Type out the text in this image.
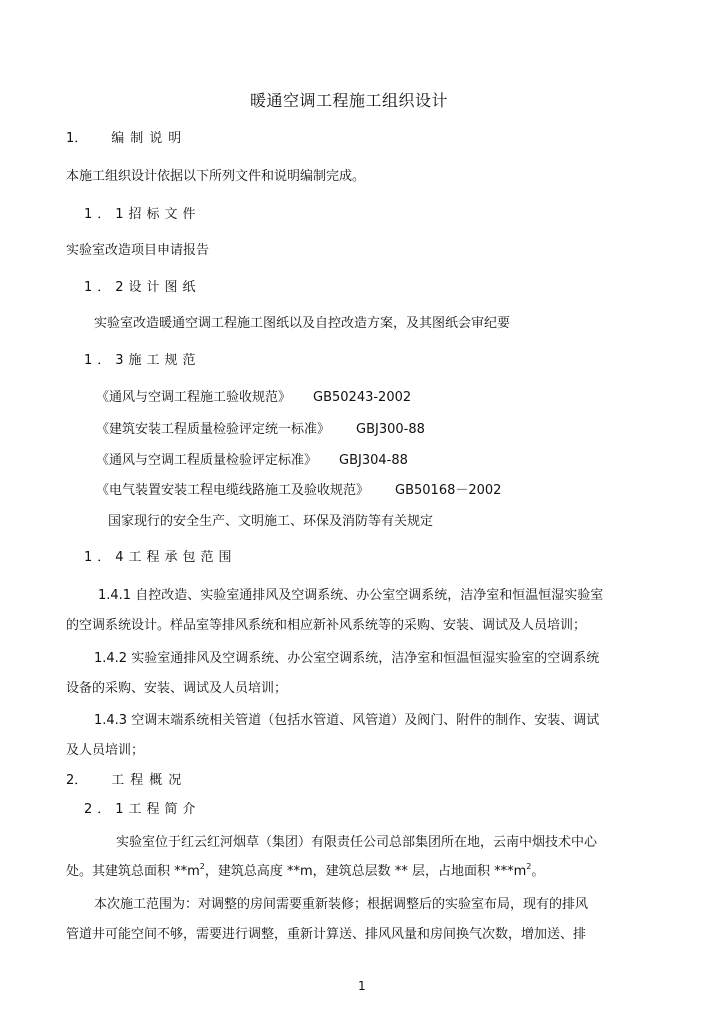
暖通空调工程施工组织设计
1． 编制说明
本施工组织设计依据以下所列文件和说明编制完成。
1．1招标文件
实验室改造项目申请报告
1．2设计图纸
实验室改造暖通空调工程施工图纸以及自控改造方案，及其图纸会审纪要
1．3施工规范
《通风与空调工程施工验收规范》 GB50243-2002
《建筑安装工程质量检验评定统一标准》 GBJ300-88
《通风与空调工程质量检验评定标准》 GBJ304-88
《电气装置安装工程电缆线路施工及验收规范》 GB50168－2002
国家现行的安全生产、文明施工、环保及消防等有关规定
1．4工程承包范围
1.4.1 自控改造、实验室通排风及空调系统、办公室空调系统，洁净室和恒温恒湿实验室
的空调系统设计。样品室等排风系统和相应新补风系统等的采购、安装、调试及人员培训；
1.4.2 实验室通排风及空调系统、办公室空调系统，洁净室和恒温恒湿实验室的空调系统
设备的采购、安装、调试及人员培训；
1.4.3 空调末端系统相关管道（包括水管道、风管道）及阀门、附件的制作、安装、调试
及人员培训；
2． 工程概况
2．1工程简介
实验室位于红云红河烟草（集团）有限责任公司总部集团所在地，云南中烟技术中心
处。其建筑总面积 $**m^2$，建筑总高度 **m，建筑总层数 ** 层，占地面积 $***m^2$。
本次施工范围为：对调整的房间需要重新装修；根据调整后的实验室布局，现有的排风
管道井可能空间不够，需要进行调整，重新计算送、排风风量和房间换气次数，增加送、排
1
